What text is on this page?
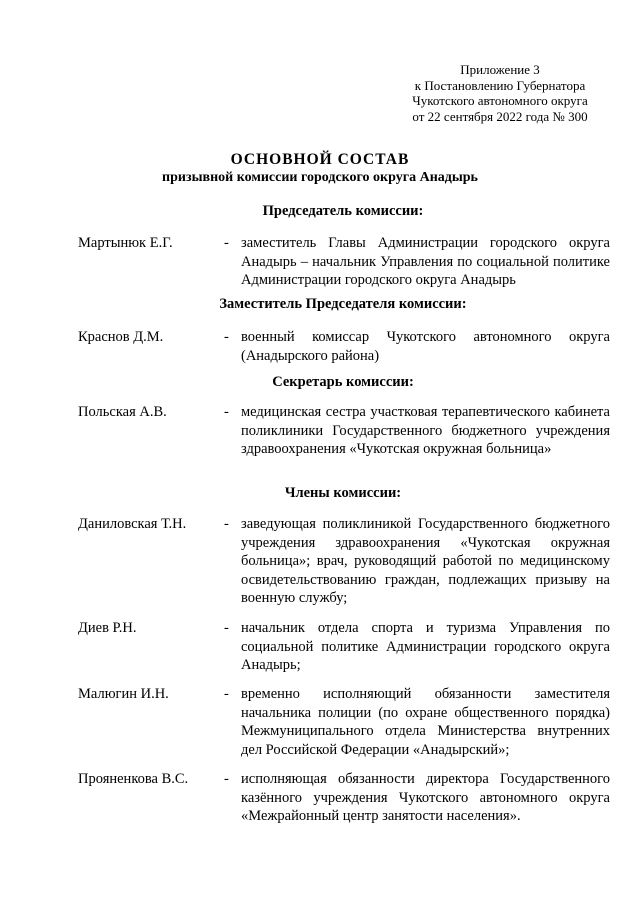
Приложение 3
к Постановлению Губернатора
Чукотского автономного округа
от 22 сентября 2022 года № 300
ОСНОВНОЙ СОСТАВ
призывной комиссии городского округа Анадырь
Председатель комиссии:
Мартынюк Е.Г.	- заместитель Главы Администрации городского округа Анадырь – начальник Управления по социальной политике Администрации городского округа Анадырь
Заместитель Председателя комиссии:
Краснов Д.М.	- военный комиссар Чукотского автономного округа (Анадырского района)
Секретарь комиссии:
Польская А.В.	- медицинская сестра участковая терапевтического кабинета поликлиники Государственного бюджетного учреждения здравоохранения «Чукотская окружная больница»
Члены комиссии:
Даниловская Т.Н.	- заведующая поликлиникой Государственного бюджетного учреждения здравоохранения «Чукотская окружная больница»; врач, руководящий работой по медицинскому освидетельствованию граждан, подлежащих призыву на военную службу;
Диев Р.Н.	- начальник отдела спорта и туризма Управления по социальной политике Администрации городского округа Анадырь;
Малюгин И.Н.	- временно исполняющий обязанности заместителя начальника полиции (по охране общественного порядка) Межмуниципального отдела Министерства внутренних дел Российской Федерации «Анадырский»;
Прояненкова В.С. - исполняющая обязанности директора Государственного казённого учреждения Чукотского автономного округа «Межрайонный центр занятости населения».
